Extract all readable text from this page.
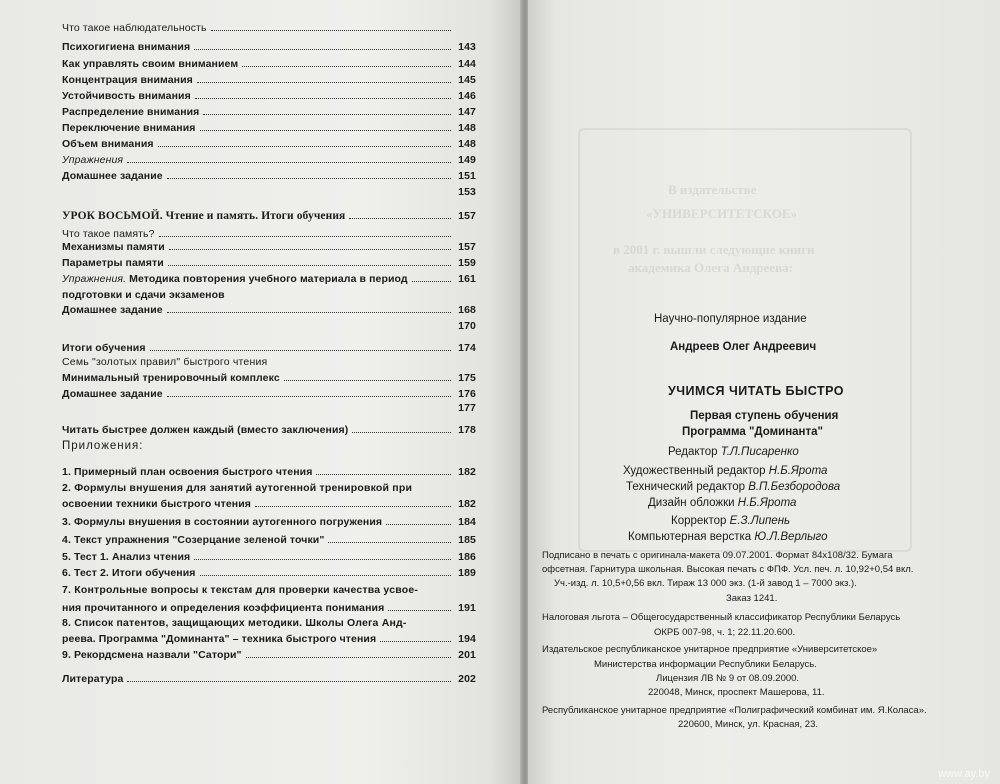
Что такое наблюдательность
Психогигиена внимания	143
Как управлять своим вниманием	144
Концентрация внимания	145
Устойчивость внимания	146
Распределение внимания	147
Переключение внимания	148
Объем внимания	148
Упражнения	149
Домашнее задание	151
153
УРОК ВОСЬМОЙ. Чтение и память. Итоги обучения	157
Что такое память?
Механизмы памяти	157
Параметры памяти	159
Упражнения. Методика повторения учебного материала в период	161
подготовки и сдачи экзаменов
Домашнее задание	168
170
Итоги обучения	174
Семь "золотых правил" быстрого чтения
Минимальный тренировочный комплекс	175
Домашнее задание	176
177
Читать быстрее должен каждый (вместо заключения)	178
Приложения:
1. Примерный план освоения быстрого чтения	182
2. Формулы внушения для занятий аутогенной тренировкой при
освоении техники быстрого чтения	182
3. Формулы внушения в состоянии аутогенного погружения	184
4. Текст упражнения "Созерцание зеленой точки"	185
5. Тест 1. Анализ чтения	186
6. Тест 2. Итоги обучения	189
7. Контрольные вопросы к текстам для проверки качества усвое-
ния прочитанного и определения коэффициента понимания	191
8. Список патентов, защищающих методики. Школы Олега Анд-
реева. Программа "Доминанта" – техника быстрого чтения	194
9. Рекордсмена назвали "Сатори"	201
Литература	202
В издательстве
«УНИВЕРСИТЕТСКОЕ»
в 2001 г. вышли следующие книги
академика Олега Андреева:
Научно-популярное издание
Андреев Олег Андреевич
УЧИМСЯ ЧИТАТЬ БЫСТРО
Первая ступень обучения
Программа "Доминанта"
Редактор Т.Л.Писаренко
Художественный редактор Н.Б.Ярота
Технический редактор В.П.Безбородова
Дизайн обложки Н.Б.Ярота
Корректор Е.З.Липень
Компьютерная верстка Ю.Л.Верлыго
Подписано в печать с оригинала-макета 09.07.2001. Формат 84х108/32. Бумага
офсетная. Гарнитура школьная. Высокая печать с ФПФ. Усл. печ. л. 10,92+0,54 вкл.
Уч.-изд. л. 10,5+0,56 вкл. Тираж 13 000 экз. (1-й завод 1 – 7000 экз.).
Заказ 1241.
Налоговая льгота – Общегосударственный классификатор Республики Беларусь
ОКРБ 007-98, ч. 1; 22.11.20.600.
Издательское республиканское унитарное предприятие «Университетское»
Министерства информации Республики Беларусь.
Лицензия ЛВ № 9 от 08.09.2000.
220048, Минск, проспект Машерова, 11.
Республиканское унитарное предприятие «Полиграфический комбинат им. Я.Коласа».
220600, Минск, ул. Красная, 23.
www.ay.by
